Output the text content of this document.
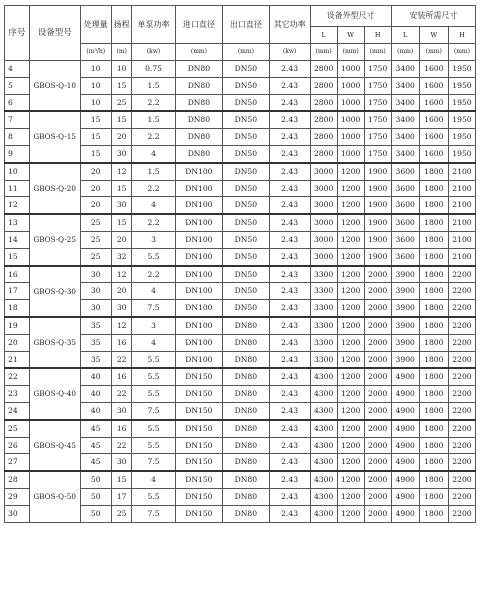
序号	设备型号	处理量	扬程	单泵功率	进口直径	出口直径	其它功率	设备外型尺寸			安装所需尺寸		
								L	W	H	L	W	H
		(m³/h)	(m)	(kw)	(mm)	(mm)	(kw)	(mm)	(mm)	(mm)	(mm)	(mm)	(mm)
4	GBOS-Q-10	10	10	0.75	DN80	DN50	2.43	2800	1000	1750	3400	1600	1950
5		10	15	1.5	DN80	DN50	2.43	2800	1000	1750	3400	1600	1950
6		10	25	2.2	DN80	DN50	2.43	2800	1000	1750	3400	1600	1950
7	GBOS-Q-15	15	15	1.5	DN80	DN50	2.43	2800	1000	1750	3400	1600	1950
8		15	20	2.2	DN80	DN50	2.43	2800	1000	1750	3400	1600	1950
9		15	30	4	DN80	DN50	2.43	2800	1000	1750	3400	1600	1950
10	GBOS-Q-20	20	12	1.5	DN100	DN50	2.43	3000	1200	1900	3600	1800	2100
11		20	15	2.2	DN100	DN50	2.43	3000	1200	1900	3600	1800	2100
12		20	30	4	DN100	DN50	2.43	3000	1200	1900	3600	1800	2100
13	GBOS-Q-25	25	15	2.2	DN100	DN50	2.43	3000	1200	1900	3600	1800	2100
14		25	20	3	DN100	DN50	2.43	3000	1200	1900	3600	1800	2100
15		25	32	5.5	DN100	DN50	2.43	3000	1200	1900	3600	1800	2100
16	GBOS-Q-30	30	12	2.2	DN100	DN50	2.43	3300	1200	2000	3900	1800	2200
17		30	20	4	DN100	DN50	2.43	3300	1200	2000	3900	1800	2200
18		30	30	7.5	DN100	DN50	2.43	3300	1200	2000	3900	1800	2200
19	GBOS-Q-35	35	12	3	DN100	DN80	2.43	3300	1200	2000	3900	1800	2200
20		35	16	4	DN100	DN80	2.43	3300	1200	2000	3900	1800	2200
21		35	22	5.5	DN100	DN80	2.43	3300	1200	2000	3900	1800	2200
22	GBOS-Q-40	40	16	5.5	DN150	DN80	2.43	4300	1200	2000	4900	1800	2200
23		40	22	5.5	DN150	DN80	2.43	4300	1200	2000	4900	1800	2200
24		40	30	7.5	DN150	DN80	2.43	4300	1200	2000	4900	1800	2200
25	GBOS-Q-45	45	16	5.5	DN150	DN80	2.43	4300	1200	2000	4900	1800	2200
26		45	22	5.5	DN150	DN80	2.43	4300	1200	2000	4900	1800	2200
27		45	30	7.5	DN150	DN80	2.43	4300	1200	2000	4900	1800	2200
28	GBOS-Q-50	50	15	4	DN150	DN80	2.43	4300	1200	2000	4900	1800	2200
29		50	17	5.5	DN150	DN80	2.43	4300	1200	2000	4900	1800	2200
30		50	25	7.5	DN150	DN80	2.43	4300	1200	2000	4900	1800	2200
